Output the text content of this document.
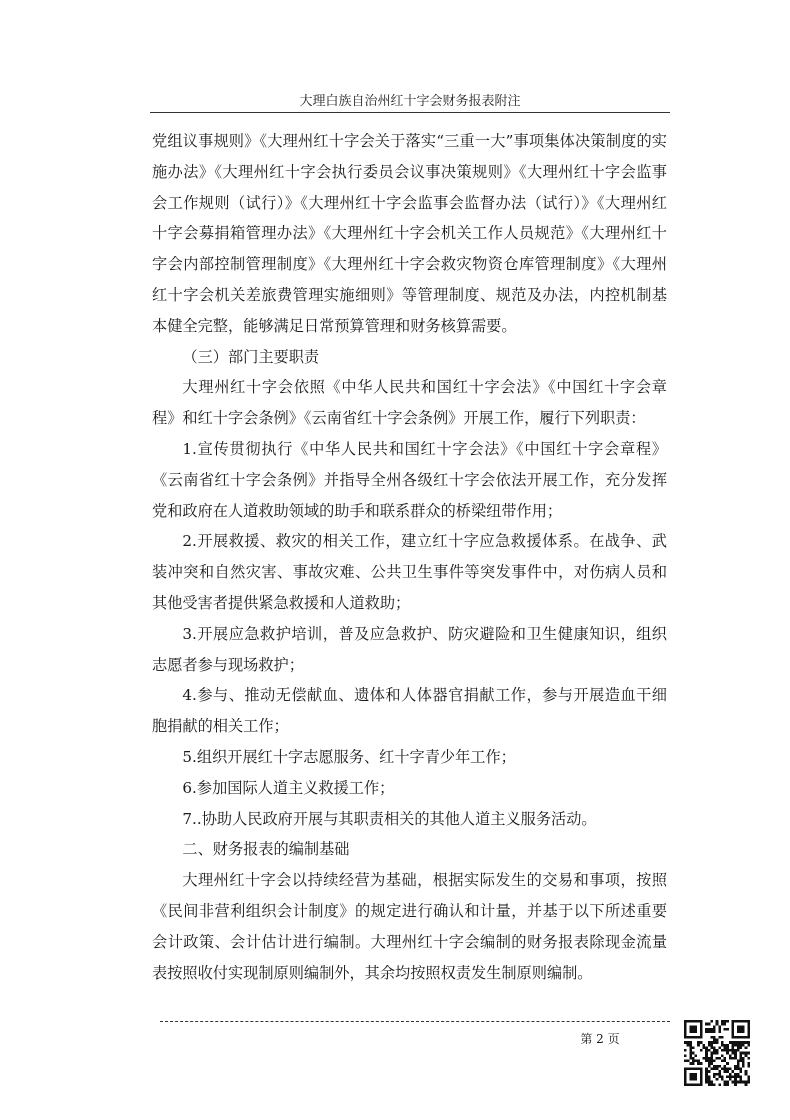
大理白族自治州红十字会财务报表附注

党组议事规则》《大理州红十字会关于落实“三重一大”事项集体决策制度的实施办法》《大理州红十字会执行委员会议事决策规则》《大理州红十字会监事会工作规则（试行）》《大理州红十字会监事会监督办法（试行）》《大理州红十字会募捐箱管理办法》《大理州红十字会机关工作人员规范》《大理州红十字会内部控制管理制度》《大理州红十字会救灾物资仓库管理制度》《大理州红十字会机关差旅费管理实施细则》等管理制度、规范及办法，内控机制基本健全完整，能够满足日常预算管理和财务核算需要。

（三）部门主要职责

大理州红十字会依照《中华人民共和国红十字会法》《中国红十字会章程》和红十字会条例》《云南省红十字会条例》开展工作，履行下列职责：

1.宣传贯彻执行《中华人民共和国红十字会法》《中国红十字会章程》《云南省红十字会条例》并指导全州各级红十字会依法开展工作，充分发挥党和政府在人道救助领域的助手和联系群众的桥梁纽带作用；

2.开展救援、救灾的相关工作，建立红十字应急救援体系。在战争、武装冲突和自然灾害、事故灾难、公共卫生事件等突发事件中，对伤病人员和其他受害者提供紧急救援和人道救助；

3.开展应急救护培训，普及应急救护、防灾避险和卫生健康知识，组织志愿者参与现场救护；

4.参与、推动无偿献血、遗体和人体器官捐献工作，参与开展造血干细胞捐献的相关工作；

5.组织开展红十字志愿服务、红十字青少年工作；

6.参加国际人道主义救援工作；

7..协助人民政府开展与其职责相关的其他人道主义服务活动。

二、财务报表的编制基础

大理州红十字会以持续经营为基础，根据实际发生的交易和事项，按照《民间非营利组织会计制度》的规定进行确认和计量，并基于以下所述重要会计政策、会计估计进行编制。大理州红十字会编制的财务报表除现金流量表按照收付实现制原则编制外，其余均按照权责发生制原则编制。

第 2 页
